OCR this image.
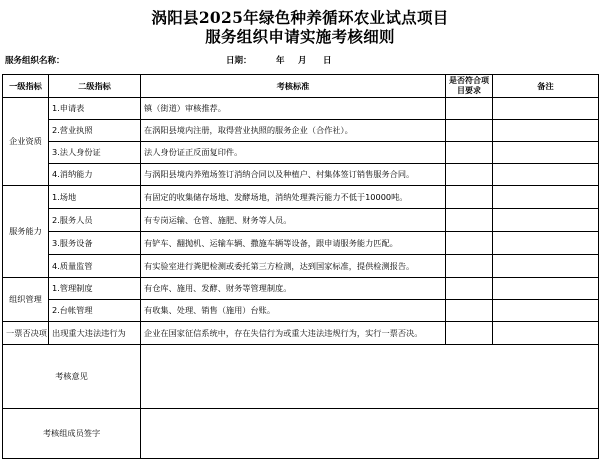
涡阳县2025年绿色种养循环农业试点项目
服务组织申请实施考核细则
服务组织名称：	日期：	年 月 日
一级指标	二级指标	考核标准	是否符合项目要求	备注
企业资质	1.申请表	镇（街道）审核推荐。		
	2.营业执照	在涡阳县境内注册，取得营业执照的服务企业（合作社）。		
	3.法人身份证	法人身份证正反面复印件。		
	4.消纳能力	与涡阳县境内养殖场签订消纳合同以及种植户、村集体签订销售服务合同。		
服务能力	1.场地	有固定的收集储存场地、发酵场地，消纳处理粪污能力不低于10000吨。		
	2.服务人员	有专岗运输、仓管、施肥、财务等人员。		
	3.服务设备	有铲车、翻抛机、运输车辆、撒施车辆等设备，跟申请服务能力匹配。		
	4.质量监管	有实验室进行粪肥检测或委托第三方检测，达到国家标准，提供检测报告。		
组织管理	1.管理制度	有仓库、施用、发酵、财务等管理制度。		
	2.台帐管理	有收集、处理、销售（施用）台账。		
一票否决项	出现重大违法违行为	企业在国家征信系统中，存在失信行为或重大违法违规行为，实行一票否决。		
考核意见				
考核组成员签字				
